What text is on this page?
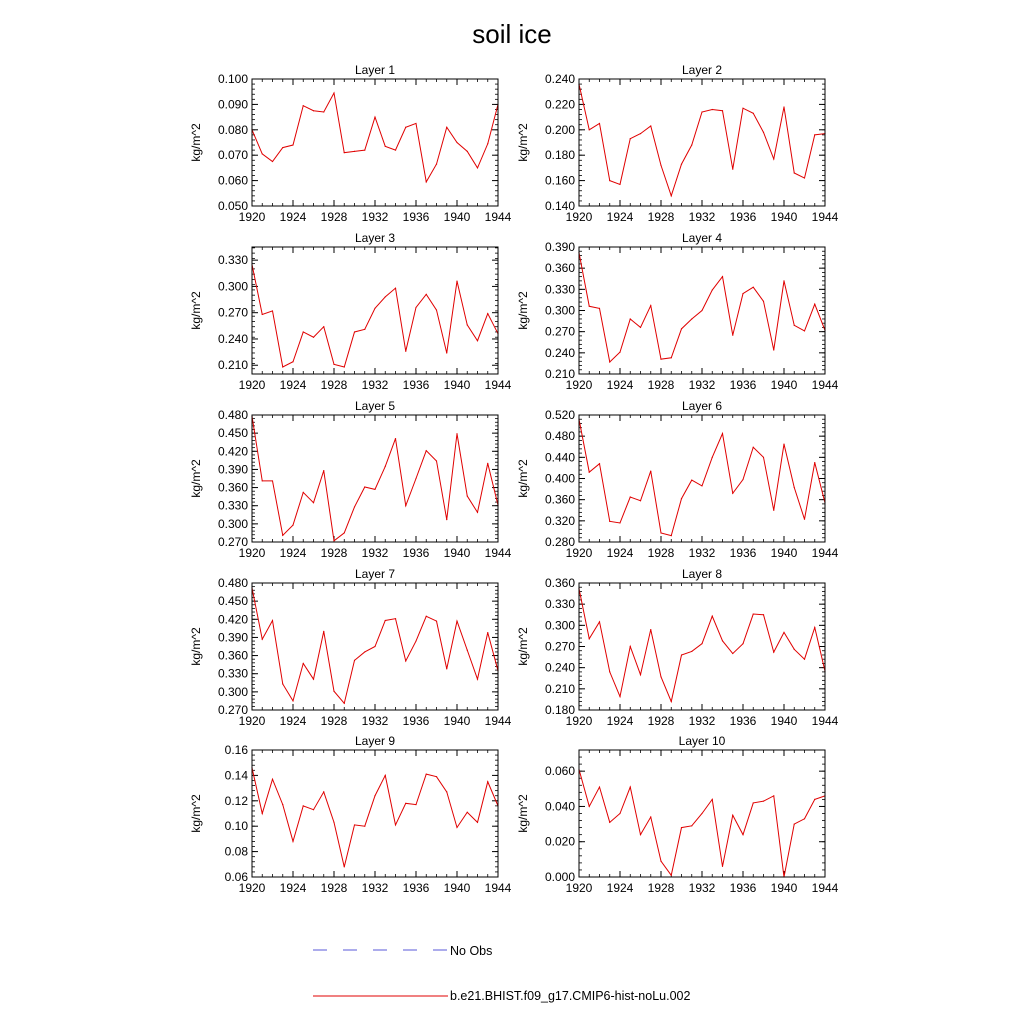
soil ice
1920 1924 1928 1932 1936 1940 1944
0.050
0.060
0.070
0.080
0.090
0.100
Layer 1
kg/m^2
1920 1924 1928 1932 1936 1940 1944
0.140
0.160
0.180
0.200
0.220
0.240
Layer 2
kg/m^2
1920 1924 1928 1932 1936 1940 1944
0.210
0.240
0.270
0.300
0.330
Layer 3
kg/m^2
1920 1924 1928 1932 1936 1940 1944
0.210
0.240
0.270
0.300
0.330
0.360
0.390
Layer 4
kg/m^2
1920 1924 1928 1932 1936 1940 1944
0.270
0.300
0.330
0.360
0.390
0.420
0.450
0.480
Layer 5
kg/m^2
1920 1924 1928 1932 1936 1940 1944
0.280
0.320
0.360
0.400
0.440
0.480
0.520
Layer 6
kg/m^2
1920 1924 1928 1932 1936 1940 1944
0.270
0.300
0.330
0.360
0.390
0.420
0.450
0.480
Layer 7
kg/m^2
1920 1924 1928 1932 1936 1940 1944
0.180
0.210
0.240
0.270
0.300
0.330
0.360
Layer 8
kg/m^2
1920 1924 1928 1932 1936 1940 1944
0.06
0.08
0.10
0.12
0.14
0.16
Layer 9
kg/m^2
1920 1924 1928 1932 1936 1940 1944
0.000
0.020
0.040
0.060
Layer 10
kg/m^2
No Obs
b.e21.BHIST.f09_g17.CMIP6-hist-noLu.002
